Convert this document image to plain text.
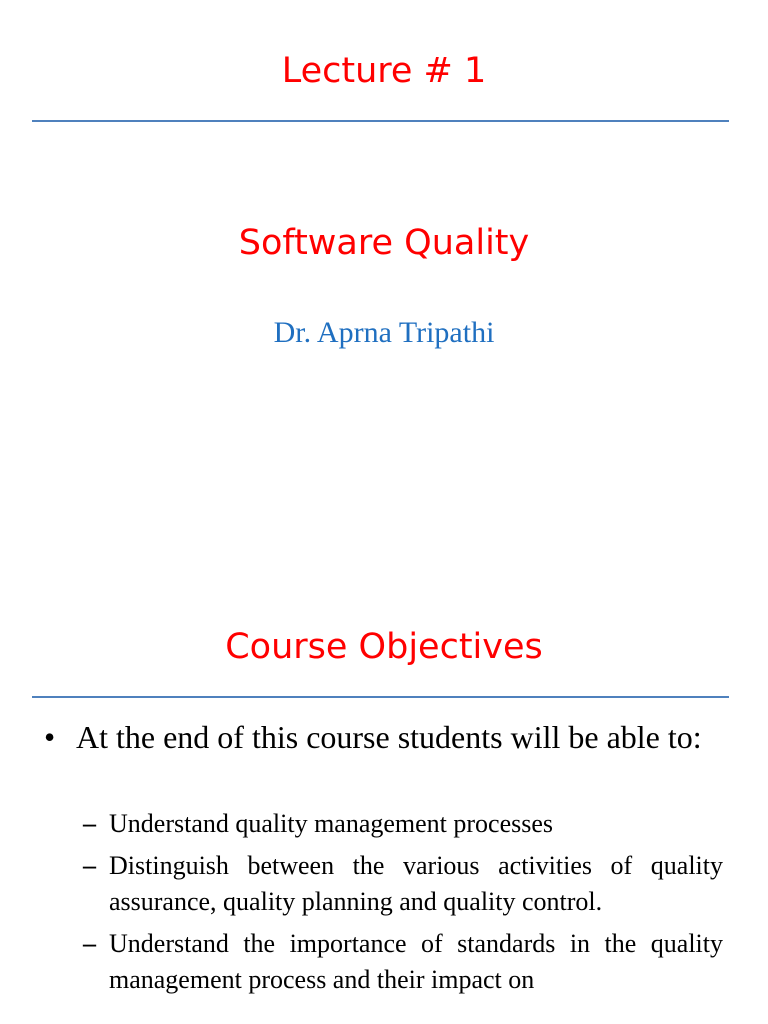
Lecture # 1
Software Quality
Dr. Aprna Tripathi
Course Objectives
• At the end of this course students will be able to:
– Understand quality management processes
– Distinguish between the various activities of quality assurance, quality planning and quality control.
– Understand the importance of standards in the quality management process and their impact on
